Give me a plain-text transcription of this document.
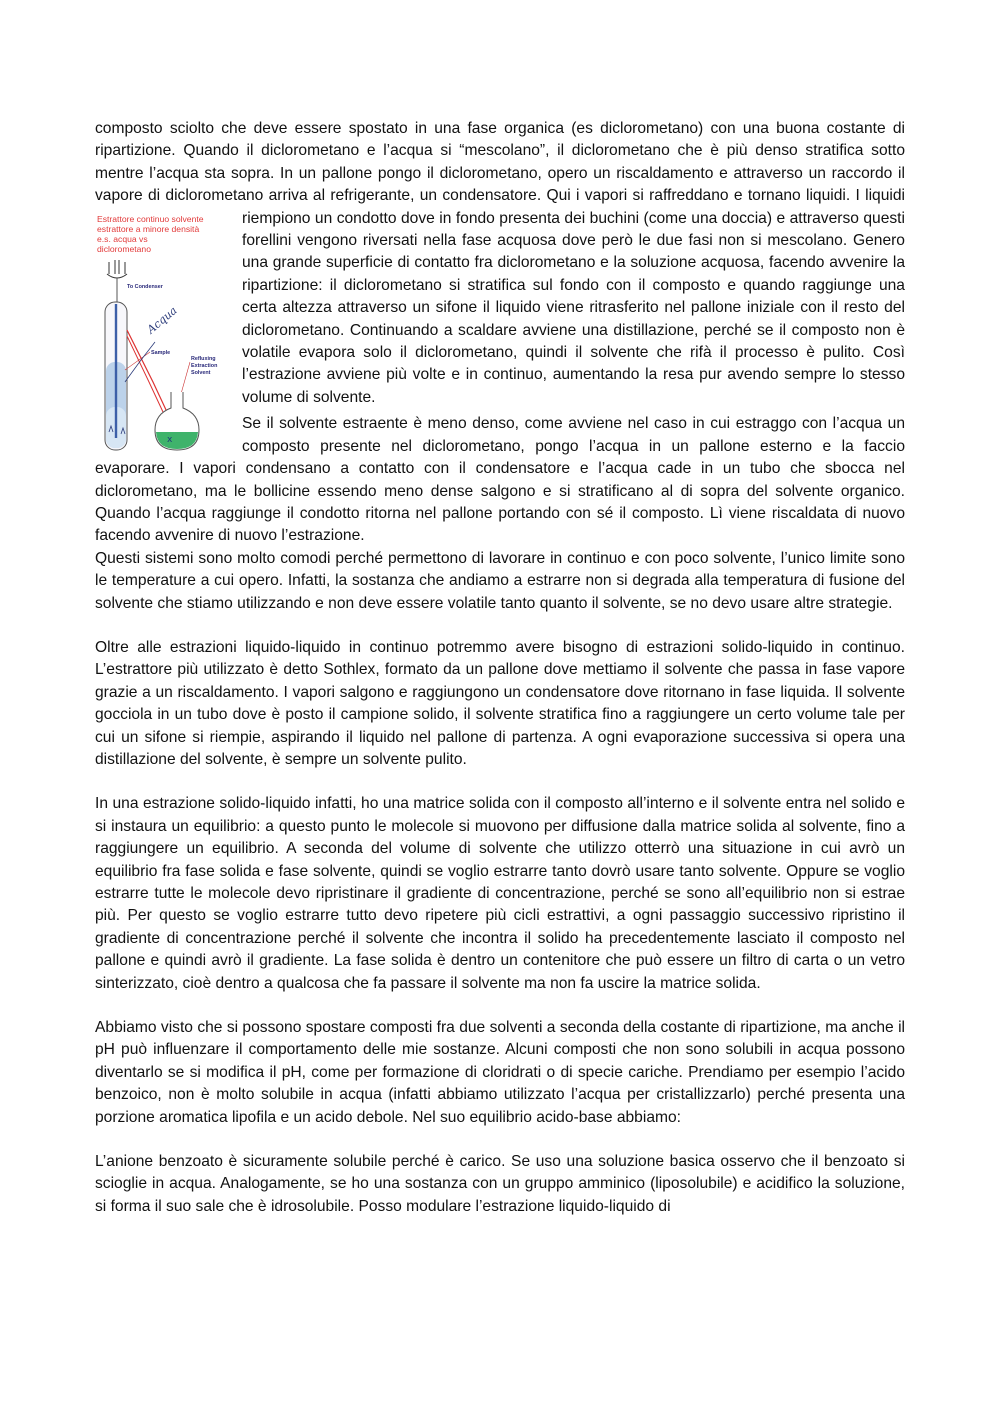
composto sciolto che deve essere spostato in una fase organica (es diclorometano) con una buona costante di ripartizione. Quando il diclorometano e l’acqua si “mescolano”, il diclorometano che è più denso stratifica sotto mentre l’acqua sta sopra. In un pallone pongo il diclorometano, opero un riscaldamento e attraverso un raccordo il vapore di diclorometano arriva al refrigerante, un condensatore. Qui i vapori si raffreddano e tornano liquidi. I liquidi riempiono un condotto dove in fondo presenta dei buchini (come una doccia) e
Estrattore continuo solvente
estrattore a minore densità
e.s. acqua vs
diclorometano
To Condenser
Sample
Refluxing
Extraction
Solvent
Acqua
x
attraverso questi forellini vengono riversati nella fase acquosa dove però le due fasi non si mescolano. Genero una grande superficie di contatto fra diclorometano e la soluzione acquosa, facendo avvenire la ripartizione: il diclorometano si stratifica sul fondo con il composto e quando raggiunge una certa altezza attraverso un sifone il liquido viene ritrasferito nel pallone iniziale con il resto del diclorometano. Continuando a scaldare avviene una distillazione, perché se il composto non è volatile evapora solo il diclorometano, quindi il solvente che rifà il processo è pulito. Così l’estrazione avviene più volte e in continuo, aumentando la resa pur avendo sempre lo stesso volume di solvente.

Se il solvente estraente è meno denso, come avviene nel caso in cui estraggo con l’acqua un composto presente nel diclorometano, pongo l’acqua in un pallone esterno e la faccio evaporare. I vapori condensano a contatto con il condensatore e l’acqua cade in un tubo che sbocca nel diclorometano, ma le bollicine essendo meno dense salgono e si stratificano al di sopra del solvente organico. Quando l’acqua raggiunge il condotto ritorna nel pallone portando con sé il composto. Lì viene riscaldata di nuovo facendo avvenire di nuovo l’estrazione.

Questi sistemi sono molto comodi perché permettono di lavorare in continuo e con poco solvente, l’unico limite sono le temperature a cui opero. Infatti, la sostanza che andiamo a estrarre non si degrada alla temperatura di fusione del solvente che stiamo utilizzando e non deve essere volatile tanto quanto il solvente, se no devo usare altre strategie.

Oltre alle estrazioni liquido-liquido in continuo potremmo avere bisogno di estrazioni solido-liquido in continuo. L’estrattore più utilizzato è detto Sothlex, formato da un pallone dove mettiamo il solvente che passa in fase vapore grazie a un riscaldamento. I vapori salgono e raggiungono un condensatore dove ritornano in fase liquida. Il solvente gocciola in un tubo dove è posto il campione solido, il solvente stratifica fino a raggiungere un certo volume tale per cui un sifone si riempie, aspirando il liquido nel pallone di partenza. A ogni evaporazione successiva si opera una distillazione del solvente, è sempre un solvente pulito.

In una estrazione solido-liquido infatti, ho una matrice solida con il composto all’interno e il solvente entra nel solido e si instaura un equilibrio: a questo punto le molecole si muovono per diffusione dalla matrice solida al solvente, fino a raggiungere un equilibrio. A seconda del volume di solvente che utilizzo otterrò una situazione in cui avrò un equilibrio fra fase solida e fase solvente, quindi se voglio estrarre tanto dovrò usare tanto solvente. Oppure se voglio estrarre tutte le molecole devo ripristinare il gradiente di concentrazione, perché se sono all’equilibrio non si estrae più. Per questo se voglio estrarre tutto devo ripetere più cicli estrattivi, a ogni passaggio successivo ripristino il gradiente di concentrazione perché il solvente che incontra il solido ha precedentemente lasciato il composto nel pallone e quindi avrò il gradiente. La fase solida è dentro un contenitore che può essere un filtro di carta o un vetro sinterizzato, cioè dentro a qualcosa che fa passare il solvente ma non fa uscire la matrice solida.

Abbiamo visto che si possono spostare composti fra due solventi a seconda della costante di ripartizione, ma anche il pH può influenzare il comportamento delle mie sostanze. Alcuni composti che non sono solubili in acqua possono diventarlo se si modifica il pH, come per formazione di cloridrati o di specie cariche. Prendiamo per esempio l’acido benzoico, non è molto solubile in acqua (infatti abbiamo utilizzato l’acqua per cristallizzarlo) perché presenta una porzione aromatica lipofila e un acido debole. Nel suo equilibrio acido-base abbiamo:

L’anione benzoato è sicuramente solubile perché è carico. Se uso una soluzione basica osservo che il benzoato si scioglie in acqua. Analogamente, se ho una sostanza con un gruppo amminico (liposolubile) e acidifico la soluzione, si forma il suo sale che è idrosolubile. Posso modulare l’estrazione liquido-liquido di
